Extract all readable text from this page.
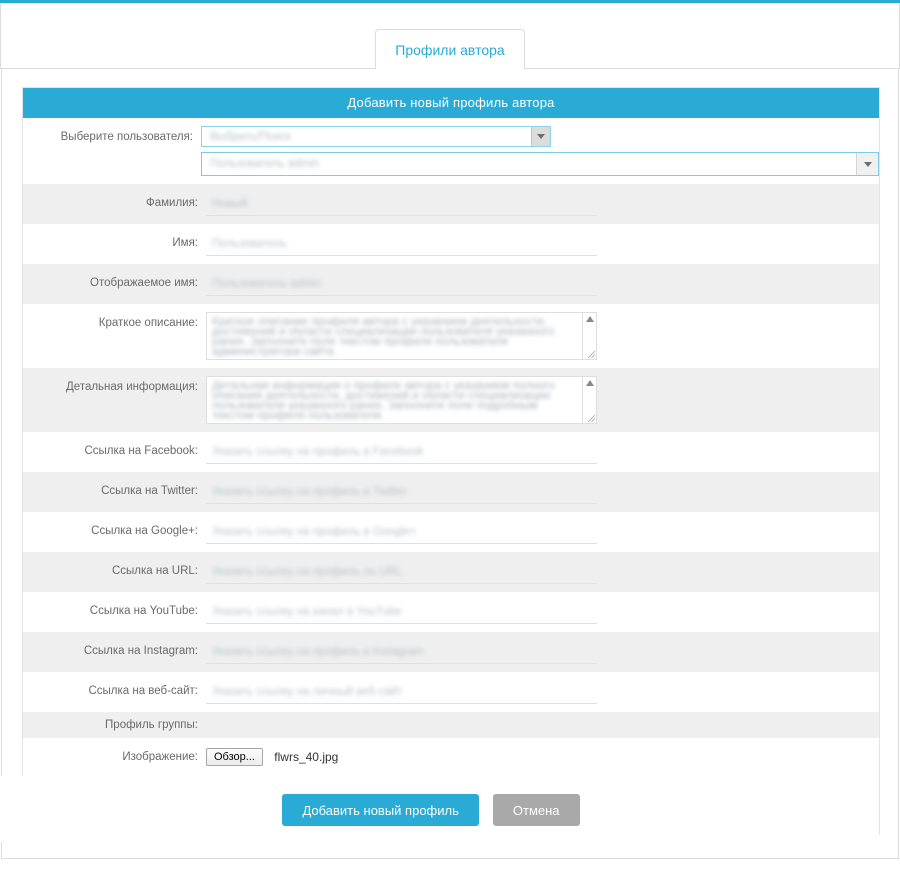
Профили автора
Добавить новый профиль автора
Выберите пользователя:	Выбрать/Поиск
Пользователь admin
Фамилия:	Новый
Имя:	Пользователь
Отображаемое имя:	Пользователь admin
Краткое описание:	Краткое описание профиля автора с указанием деятельности,
достижений и области специализации пользователя указанного
ранее. Заполните поле текстом профиля пользователя
администратора сайта.
Детальная информация:	Детальная информация о профиле автора с указанием полного
описания деятельности, достижений и области специализации
пользователя указанного ранее. Заполните поле подробным
текстом профиля пользователя.
Ссылка на Facebook:	Указать ссылку на профиль в Facebook
Ссылка на Twitter:	Указать ссылку на профиль в Twitter
Ссылка на Google+:	Указать ссылку на профиль в Google+
Ссылка на URL:	Указать ссылку на профиль по URL
Ссылка на YouTube:	Указать ссылку на канал в YouTube
Ссылка на Instagram:	Указать ссылку на профиль в Instagram
Ссылка на веб-сайт:	Указать ссылку на личный веб-сайт
Профиль группы:
Изображение:	Обзор... flwrs_40.jpg
Добавить новый профиль	Отмена
